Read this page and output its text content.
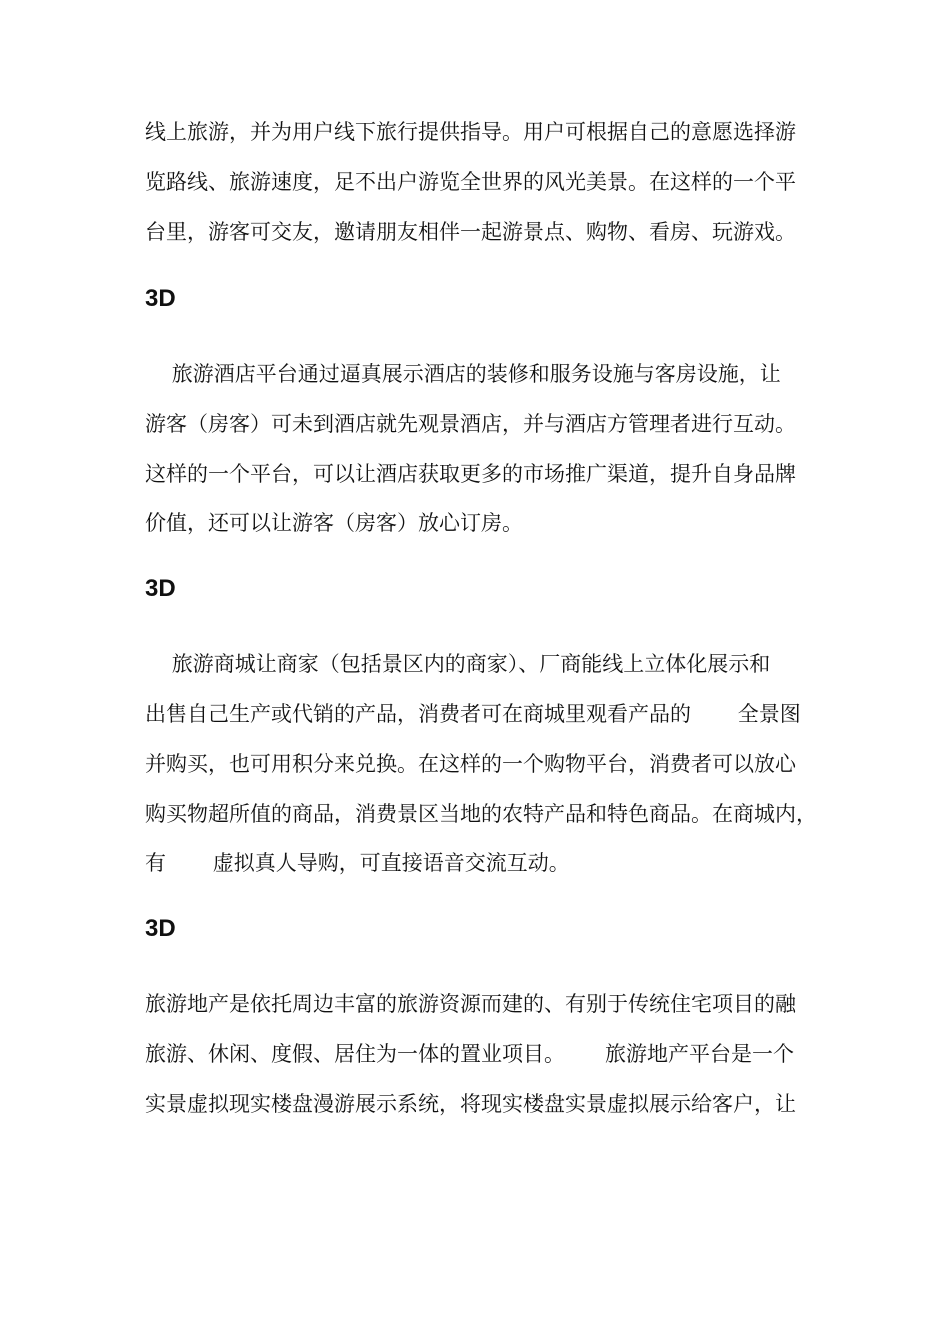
线上旅游，并为用户线下旅行提供指导。用户可根据自己的意愿选择游

览路线、旅游速度，足不出户游览全世界的风光美景。在这样的一个平

台里，游客可交友，邀请朋友相伴一起游景点、购物、看房、玩游戏。

3D

旅游酒店平台通过逼真展示酒店的装修和服务设施与客房设施，让

游客（房客）可未到酒店就先观景酒店，并与酒店方管理者进行互动。

这样的一个平台，可以让酒店获取更多的市场推广渠道，提升自身品牌

价值，还可以让游客（房客）放心订房。

3D

旅游商城让商家（包括景区内的商家）、厂商能线上立体化展示和

出售自己生产或代销的产品，消费者可在商城里观看产品的       全景图

并购买，也可用积分来兑换。在这样的一个购物平台，消费者可以放心

购买物超所值的商品，消费景区当地的农特产品和特色商品。在商城内，

有       虚拟真人导购，可直接语音交流互动。

3D

旅游地产是依托周边丰富的旅游资源而建的、有别于传统住宅项目的融

旅游、休闲、度假、居住为一体的置业项目。      旅游地产平台是一个

实景虚拟现实楼盘漫游展示系统，将现实楼盘实景虚拟展示给客户，让
